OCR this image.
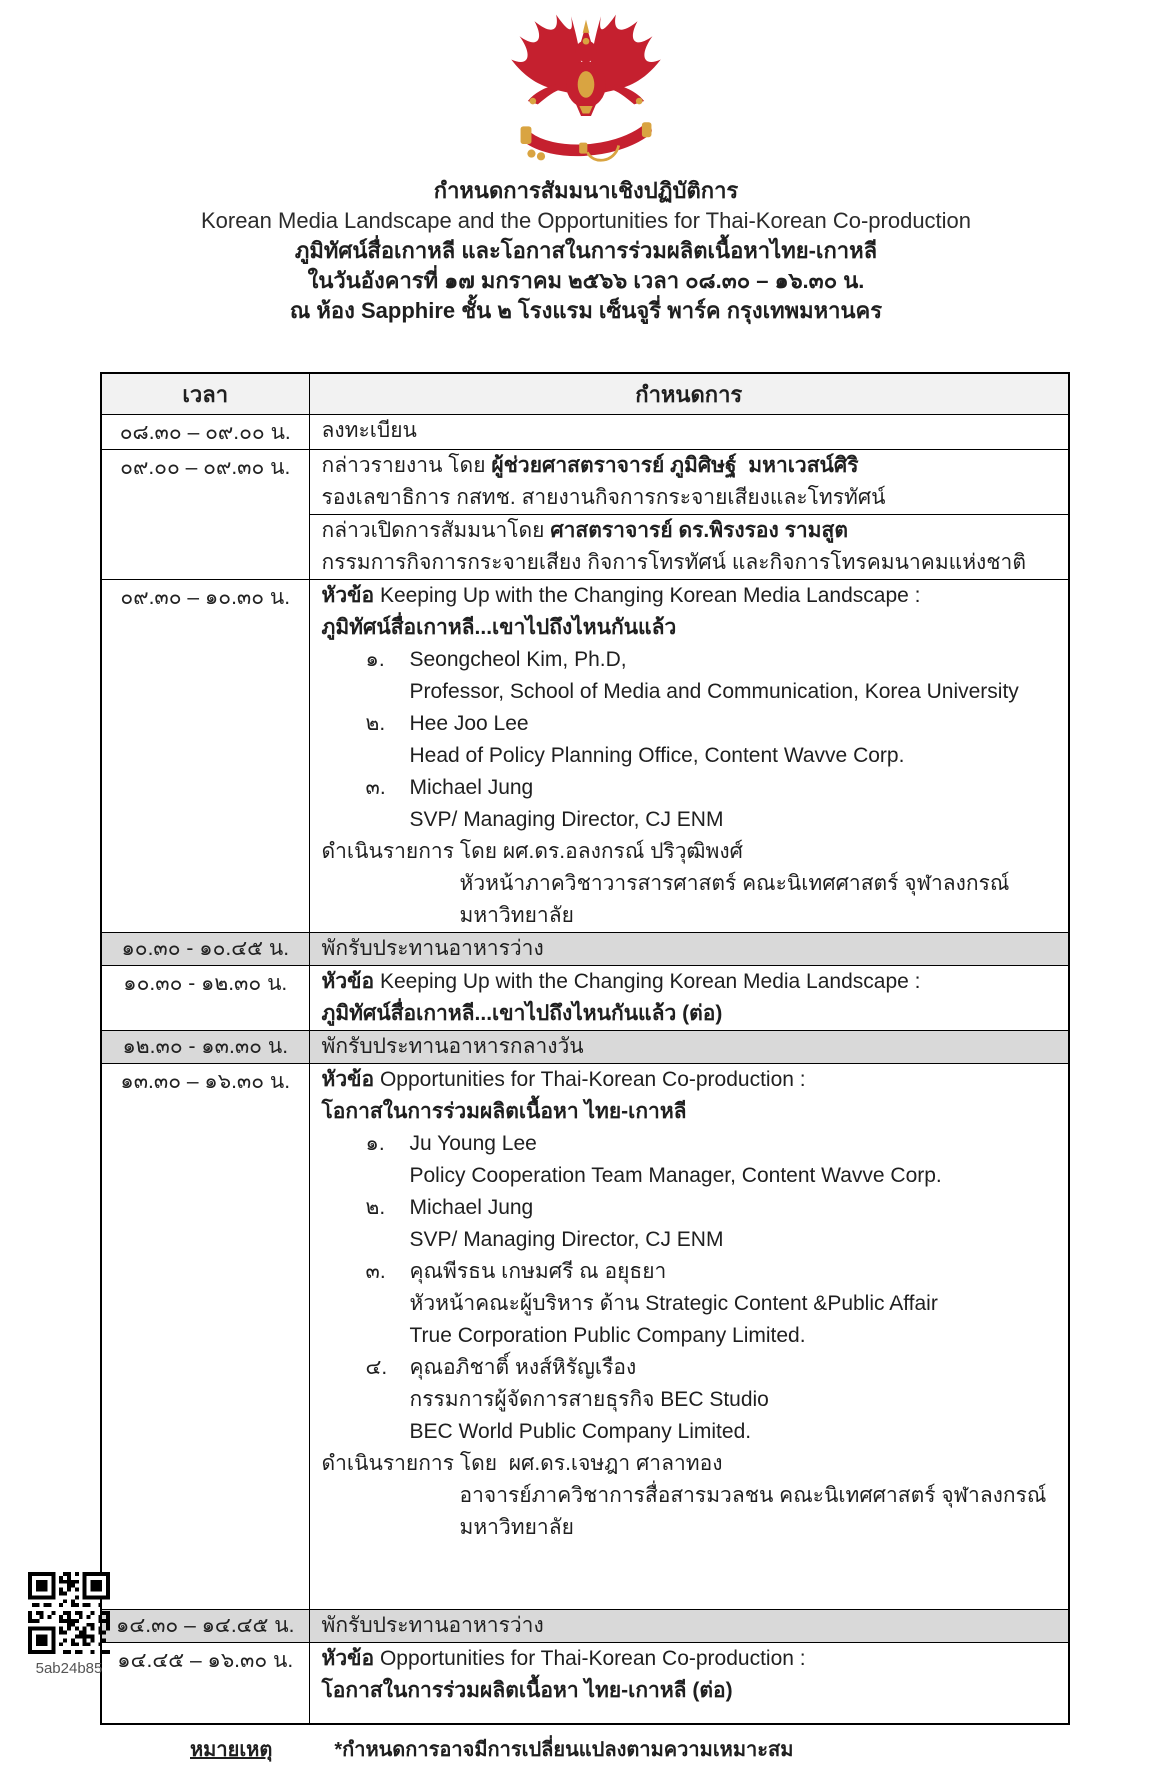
กำหนดการสัมมนาเชิงปฏิบัติการ
Korean Media Landscape and the Opportunities for Thai-Korean Co-production
ภูมิทัศน์สื่อเกาหลี และโอกาสในการร่วมผลิตเนื้อหาไทย-เกาหลี
ในวันอังคารที่ ๑๗ มกราคม ๒๕๖๖ เวลา ๐๘.๓๐ – ๑๖.๓๐ น.
ณ ห้อง Sapphire ชั้น ๒ โรงแรม เซ็นจูรี่ พาร์ค กรุงเทพมหานคร
เวลา	กำหนดการ
๐๘.๓๐ – ๐๙.๐๐ น.	ลงทะเบียน

๐๙.๐๐ – ๐๙.๓๐ น.	กล่าวรายงาน โดย ผู้ช่วยศาสตราจารย์ ภูมิศิษฐ์  มหาเวสน์ศิริ
รองเลขาธิการ กสทช. สายงานกิจการกระจายเสียงและโทรทัศน์
กล่าวเปิดการสัมมนาโดย ศาสตราจารย์ ดร.พิรงรอง รามสูต
กรรมการกิจการกระจายเสียง กิจการโทรทัศน์ และกิจการโทรคมนาคมแห่งชาติ

๐๙.๓๐ – ๑๐.๓๐ น.	หัวข้อ Keeping Up with the Changing Korean Media Landscape :
ภูมิทัศน์สื่อเกาหลี...เขาไปถึงไหนกันแล้ว
๑.	Seongcheol Kim, Ph.D,
Professor, School of Media and Communication, Korea University
๒.	Hee Joo Lee
Head of Policy Planning Office, Content Wavve Corp.
๓.	Michael Jung
SVP/ Managing Director, CJ ENM
ดำเนินรายการ โดย ผศ.ดร.อลงกรณ์ ปริวุฒิพงศ์
หัวหน้าภาควิชาวารสารศาสตร์ คณะนิเทศศาสตร์ จุฬาลงกรณ์มหาวิทยาลัย

๑๐.๓๐ - ๑๐.๔๕ น.	พักรับประทานอาหารว่าง

๑๐.๓๐ - ๑๒.๓๐ น.	หัวข้อ Keeping Up with the Changing Korean Media Landscape :
ภูมิทัศน์สื่อเกาหลี...เขาไปถึงไหนกันแล้ว (ต่อ)

๑๒.๓๐ - ๑๓.๓๐ น.	พักรับประทานอาหารกลางวัน

๑๓.๓๐ – ๑๖.๓๐ น.	หัวข้อ Opportunities for Thai-Korean Co-production :
โอกาสในการร่วมผลิตเนื้อหา ไทย-เกาหลี
๑.	Ju Young Lee
Policy Cooperation Team Manager, Content Wavve Corp.
๒.	Michael Jung
SVP/ Managing Director, CJ ENM
๓.	คุณพีรธน เกษมศรี ณ อยุธยา
หัวหน้าคณะผู้บริหาร ด้าน Strategic Content &Public Affair
True Corporation Public Company Limited.
๔.	คุณอภิชาติ์ หงส์หิรัญเรือง
กรรมการผู้จัดการสายธุรกิจ BEC Studio
BEC World Public Company Limited.
ดำเนินรายการ โดย  ผศ.ดร.เจษฎา ศาลาทอง
อาจารย์ภาควิชาการสื่อสารมวลชน คณะนิเทศศาสตร์ จุฬาลงกรณ์มหาวิทยาลัย

๑๔.๓๐ – ๑๔.๔๕ น.	พักรับประทานอาหารว่าง

๑๔.๔๕ – ๑๖.๓๐ น.	หัวข้อ Opportunities for Thai-Korean Co-production :
โอกาสในการร่วมผลิตเนื้อหา ไทย-เกาหลี (ต่อ)
หมายเหตุ	*กำหนดการอาจมีการเปลี่ยนแปลงตามความเหมาะสม
5ab24b85
